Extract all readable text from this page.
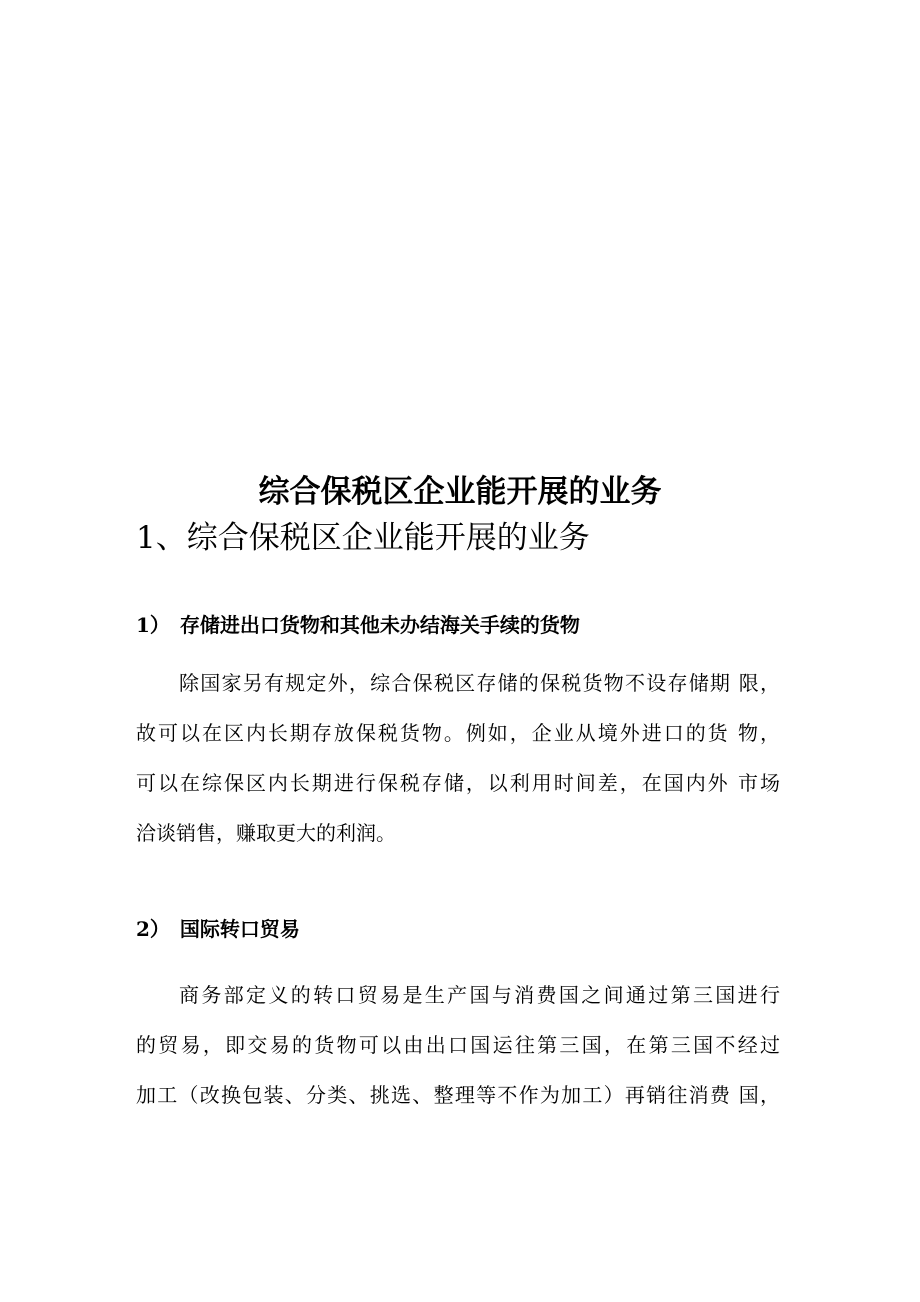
综合保税区企业能开展的业务
1、综合保税区企业能开展的业务
1） 存储进出口货物和其他未办结海关手续的货物
除国家另有规定外，综合保税区存储的保税货物不设存储期 限，
故可以在区内长期存放保税货物。例如，企业从境外进口的货 物，
可以在综保区内长期进行保税存储，以利用时间差，在国内外 市场
洽谈销售，赚取更大的利润。
2） 国际转口贸易
商务部定义的转口贸易是生产国与消费国之间通过第三国进行
的贸易，即交易的货物可以由出口国运往第三国，在第三国不经过
加工（改换包装、分类、挑选、整理等不作为加工）再销往消费 国，
